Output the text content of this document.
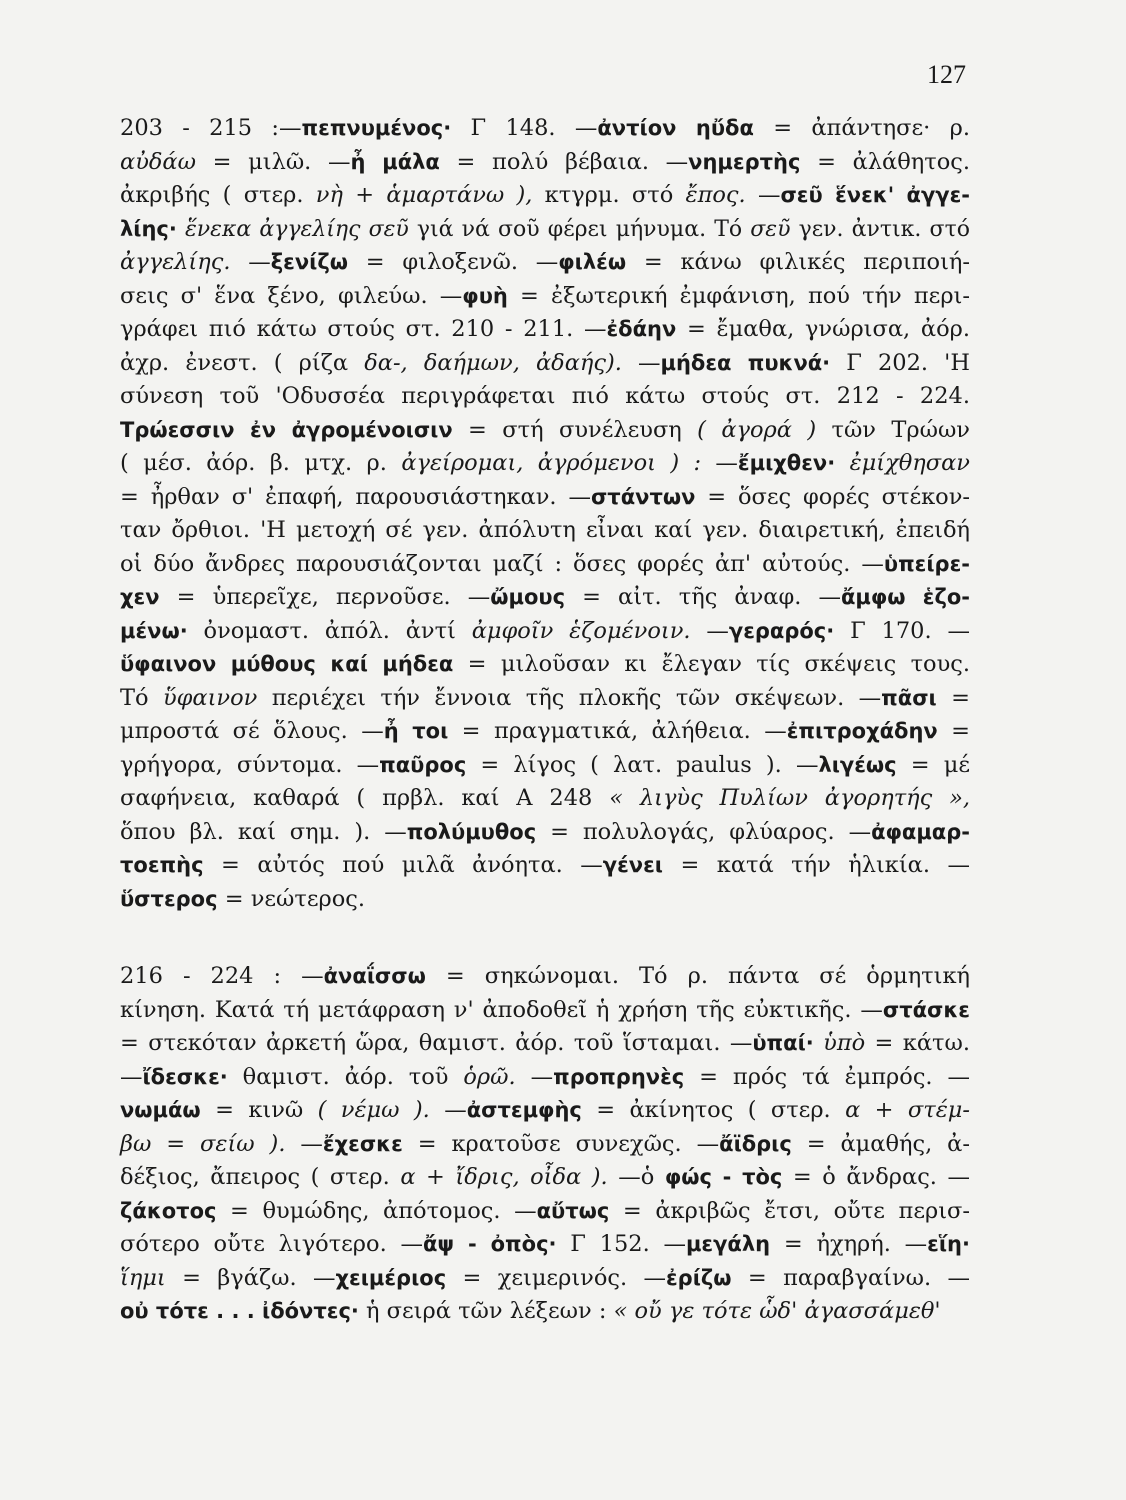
127
203 - 215 :—πεπνυμένος· Γ 148. —ἀντίον ηὔδα = ἀπάντησε· ρ.
αὐδάω = μιλῶ. —ἦ μάλα = πολύ βέβαια. —νημερτὴς = ἀλάθητος.
ἀκριβής ( στερ. νὴ + ἁμαρτάνω ), κτγρμ. στό ἔπος. —σεῦ ἕνεκ' ἀγγε-
λίης· ἕνεκα ἀγγελίης σεῦ γιά νά σοῦ φέρει μήνυμα. Τό σεῦ γεν. ἀντικ. στό
ἀγγελίης. —ξενίζω = φιλοξενῶ. —φιλέω = κάνω φιλικές περιποιή-
σεις σ' ἕνα ξένο, φιλεύω. —φυὴ = ἐξωτερική ἐμφάνιση, πού τήν περι-
γράφει πιό κάτω στούς στ. 210 - 211. —ἐδάην = ἔμαθα, γνώρισα, ἀόρ.
ἀχρ. ἐνεστ. ( ρίζα δα-, δαήμων, ἀδαής). —μήδεα πυκνά· Γ 202. 'Η
σύνεση τοῦ 'Οδυσσέα περιγράφεται πιό κάτω στούς στ. 212 - 224.
Τρώεσσιν ἐν ἀγρομένοισιν = στή συνέλευση ( ἀγορά ) τῶν Τρώων
( μέσ. ἀόρ. β. μτχ. ρ. ἀγείρομαι, ἀγρόμενοι ) : —ἔμιχθεν· ἐμίχθησαν
= ἦρθαν σ' ἐπαφή, παρουσιάστηκαν. —στάντων = ὅσες φορές στέκον-
ταν ὄρθιοι. 'Η μετοχή σέ γεν. ἀπόλυτη εἶναι καί γεν. διαιρετική, ἐπειδή
οἱ δύο ἄνδρες παρουσιάζονται μαζί : ὅσες φορές ἀπ' αὐτούς. —ὑπείρε-
χεν = ὑπερεῖχε, περνοῦσε. —ὤμους = αἰτ. τῆς ἀναφ. —ἄμφω ἑζο-
μένω· ὀνομαστ. ἀπόλ. ἀντί ἀμφοῖν ἑζομένοιν. —γεραρός· Γ 170. —
ὕφαινον μύθους καί μήδεα = μιλοῦσαν κι ἔλεγαν τίς σκέψεις τους.
Τό ὕφαινον περιέχει τήν ἔννοια τῆς πλοκῆς τῶν σκέψεων. —πᾶσι =
μπροστά σέ ὅλους. —ἦ τοι = πραγματικά, ἀλήθεια. —ἐπιτροχάδην =
γρήγορα, σύντομα. —παῦρος = λίγος ( λατ. paulus ). —λιγέως = μέ
σαφήνεια, καθαρά ( πρβλ. καί Α 248 « λιγὺς Πυλίων ἀγορητής »,
ὅπου βλ. καί σημ. ). —πολύμυθος = πολυλογάς, φλύαρος. —ἀφαμαρ-
τοεπὴς = αὐτός πού μιλᾶ ἀνόητα. —γένει = κατά τήν ἡλικία. —
ὕστερος = νεώτερος.
216 - 224 : —ἀναΐσσω = σηκώνομαι. Τό ρ. πάντα σέ ὁρμητική
κίνηση. Κατά τή μετάφραση ν' ἀποδοθεῖ ἡ χρήση τῆς εὐκτικῆς. —στάσκε
= στεκόταν ἀρκετή ὥρα, θαμιστ. ἀόρ. τοῦ ἵσταμαι. —ὑπαί· ὑπὸ = κάτω.
—ἴδεσκε· θαμιστ. ἀόρ. τοῦ ὁρῶ. —προπρηνὲς = πρός τά ἐμπρός. —
νωμάω = κινῶ ( νέμω ). —ἀστεμφὴς = ἀκίνητος ( στερ. α + στέμ-
βω = σείω ). —ἔχεσκε = κρατοῦσε συνεχῶς. —ἄϊδρις = ἀμαθής, ἀ-
δέξιος, ἄπειρος ( στερ. α + ἴδρις, οἶδα ). —ὁ φώς - τὸς = ὁ ἄνδρας. —
ζάκοτος = θυμώδης, ἀπότομος. —αὔτως = ἀκριβῶς ἔτσι, οὔτε περισ-
σότερο οὔτε λιγότερο. —ἄψ - ὀπὸς· Γ 152. —μεγάλη = ἠχηρή. —εἵη·
ἵημι = βγάζω. —χειμέριος = χειμερινός. —ἐρίζω = παραβγαίνω. —
οὐ τότε . . . ἰδόντες· ἡ σειρά τῶν λέξεων : « οὔ γε τότε ὧδ' ἀγασσάμεθ'
